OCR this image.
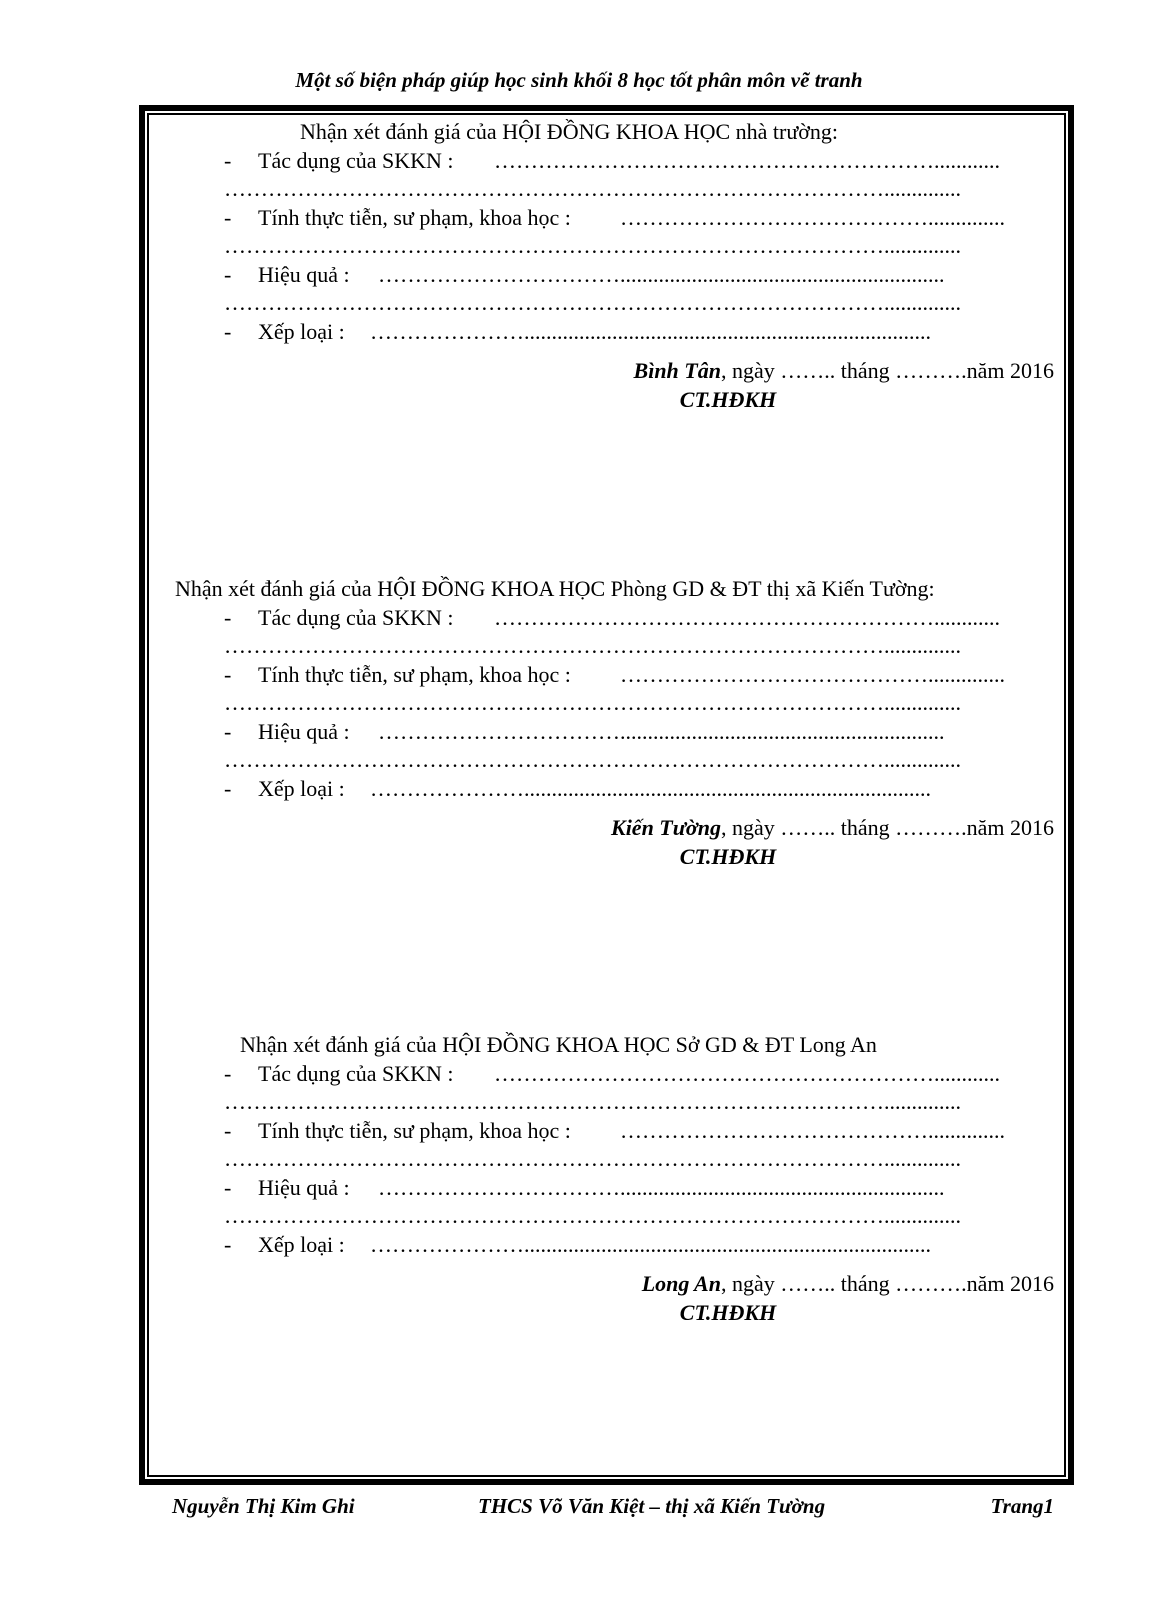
Một số biện pháp giúp học sinh khối 8 học tốt phân môn vẽ tranh
Nhận xét đánh giá của HỘI ĐỒNG KHOA HỌC nhà trường:
- Tác dụng của SKKN : ……………………………………………………............
………………………………………………………………………………..............
- Tính thực tiễn, sư phạm, khoa học : ……………………………………..............
………………………………………………………………………………..............
- Hiệu quả : ……………………………...........................................................
………………………………………………………………………………..............
- Xếp loại : …………………..........................................................................
Bình Tân, ngày …….. tháng ……….năm 2016
CT.HĐKH
Nhận xét đánh giá của HỘI ĐỒNG KHOA HỌC Phòng GD & ĐT thị xã Kiến Tường:
- Tác dụng của SKKN : ……………………………………………………............
………………………………………………………………………………..............
- Tính thực tiễn, sư phạm, khoa học : ……………………………………..............
………………………………………………………………………………..............
- Hiệu quả : ……………………………...........................................................
………………………………………………………………………………..............
- Xếp loại : …………………..........................................................................
Kiến Tường, ngày …….. tháng ……….năm 2016
CT.HĐKH
Nhận xét đánh giá của HỘI ĐỒNG KHOA HỌC Sở GD & ĐT Long An
- Tác dụng của SKKN : ……………………………………………………............
………………………………………………………………………………..............
- Tính thực tiễn, sư phạm, khoa học : ……………………………………..............
………………………………………………………………………………..............
- Hiệu quả : ……………………………...........................................................
………………………………………………………………………………..............
- Xếp loại : …………………..........................................................................
Long An, ngày …….. tháng ……….năm 2016
CT.HĐKH
Nguyễn Thị Kim Ghi	THCS Võ Văn Kiệt – thị xã Kiến Tường	Trang1
